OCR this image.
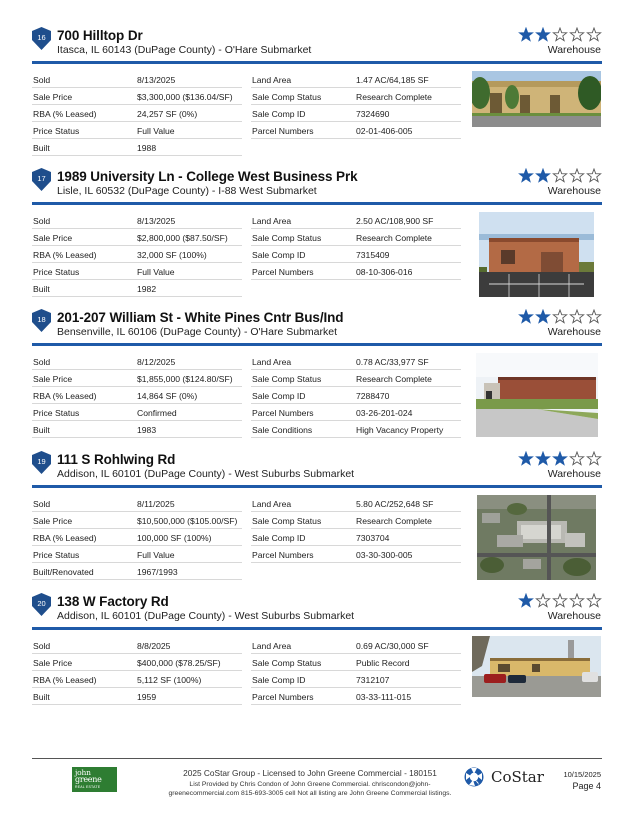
16 700 Hilltop Dr
Itasca, IL 60143 (DuPage County) - O'Hare Submarket	Warehouse
Sold	8/13/2025
Sale Price	$3,300,000 ($136.04/SF)
RBA (% Leased)	24,257 SF (0%)
Price Status	Full Value
Built	1988
Land Area	1.47 AC/64,185 SF
Sale Comp Status	Research Complete
Sale Comp ID	7324690
Parcel Numbers	02-01-406-005
17 1989 University Ln - College West Business Prk
Lisle, IL 60532 (DuPage County) - I-88 West Submarket	Warehouse
Sold	8/13/2025
Sale Price	$2,800,000 ($87.50/SF)
RBA (% Leased)	32,000 SF (100%)
Price Status	Full Value
Built	1982
Land Area	2.50 AC/108,900 SF
Sale Comp Status	Research Complete
Sale Comp ID	7315409
Parcel Numbers	08-10-306-016
18 201-207 William St - White Pines Cntr Bus/Ind
Bensenville, IL 60106 (DuPage County) - O'Hare Submarket	Warehouse
Sold	8/12/2025
Sale Price	$1,855,000 ($124.80/SF)
RBA (% Leased)	14,864 SF (0%)
Price Status	Confirmed
Built	1983
Land Area	0.78 AC/33,977 SF
Sale Comp Status	Research Complete
Sale Comp ID	7288470
Parcel Numbers	03-26-201-024
Sale Conditions	High Vacancy Property
19 111 S Rohlwing Rd
Addison, IL 60101 (DuPage County) - West Suburbs Submarket	Warehouse
Sold	8/11/2025
Sale Price	$10,500,000 ($105.00/SF)
RBA (% Leased)	100,000 SF (100%)
Price Status	Full Value
Built/Renovated	1967/1993
Land Area	5.80 AC/252,648 SF
Sale Comp Status	Research Complete
Sale Comp ID	7303704
Parcel Numbers	03-30-300-005
20 138 W Factory Rd
Addison, IL 60101 (DuPage County) - West Suburbs Submarket	Warehouse
Sold	8/8/2025
Sale Price	$400,000 ($78.25/SF)
RBA (% Leased)	5,112 SF (100%)
Built	1959
Land Area	0.69 AC/30,000 SF
Sale Comp Status	Public Record
Sale Comp ID	7312107
Parcel Numbers	03-33-111-015
john
greene
REAL ESTATE
2025 CoStar Group - Licensed to John Greene Commercial - 180151
List Provided by Chris Condon of John Greene Commercial. chriscondon@john-greenecommercial.com 815-693-3005 cell Not all listing are John Greene Commercial listings.
CoStar	10/15/2025
Page 4
